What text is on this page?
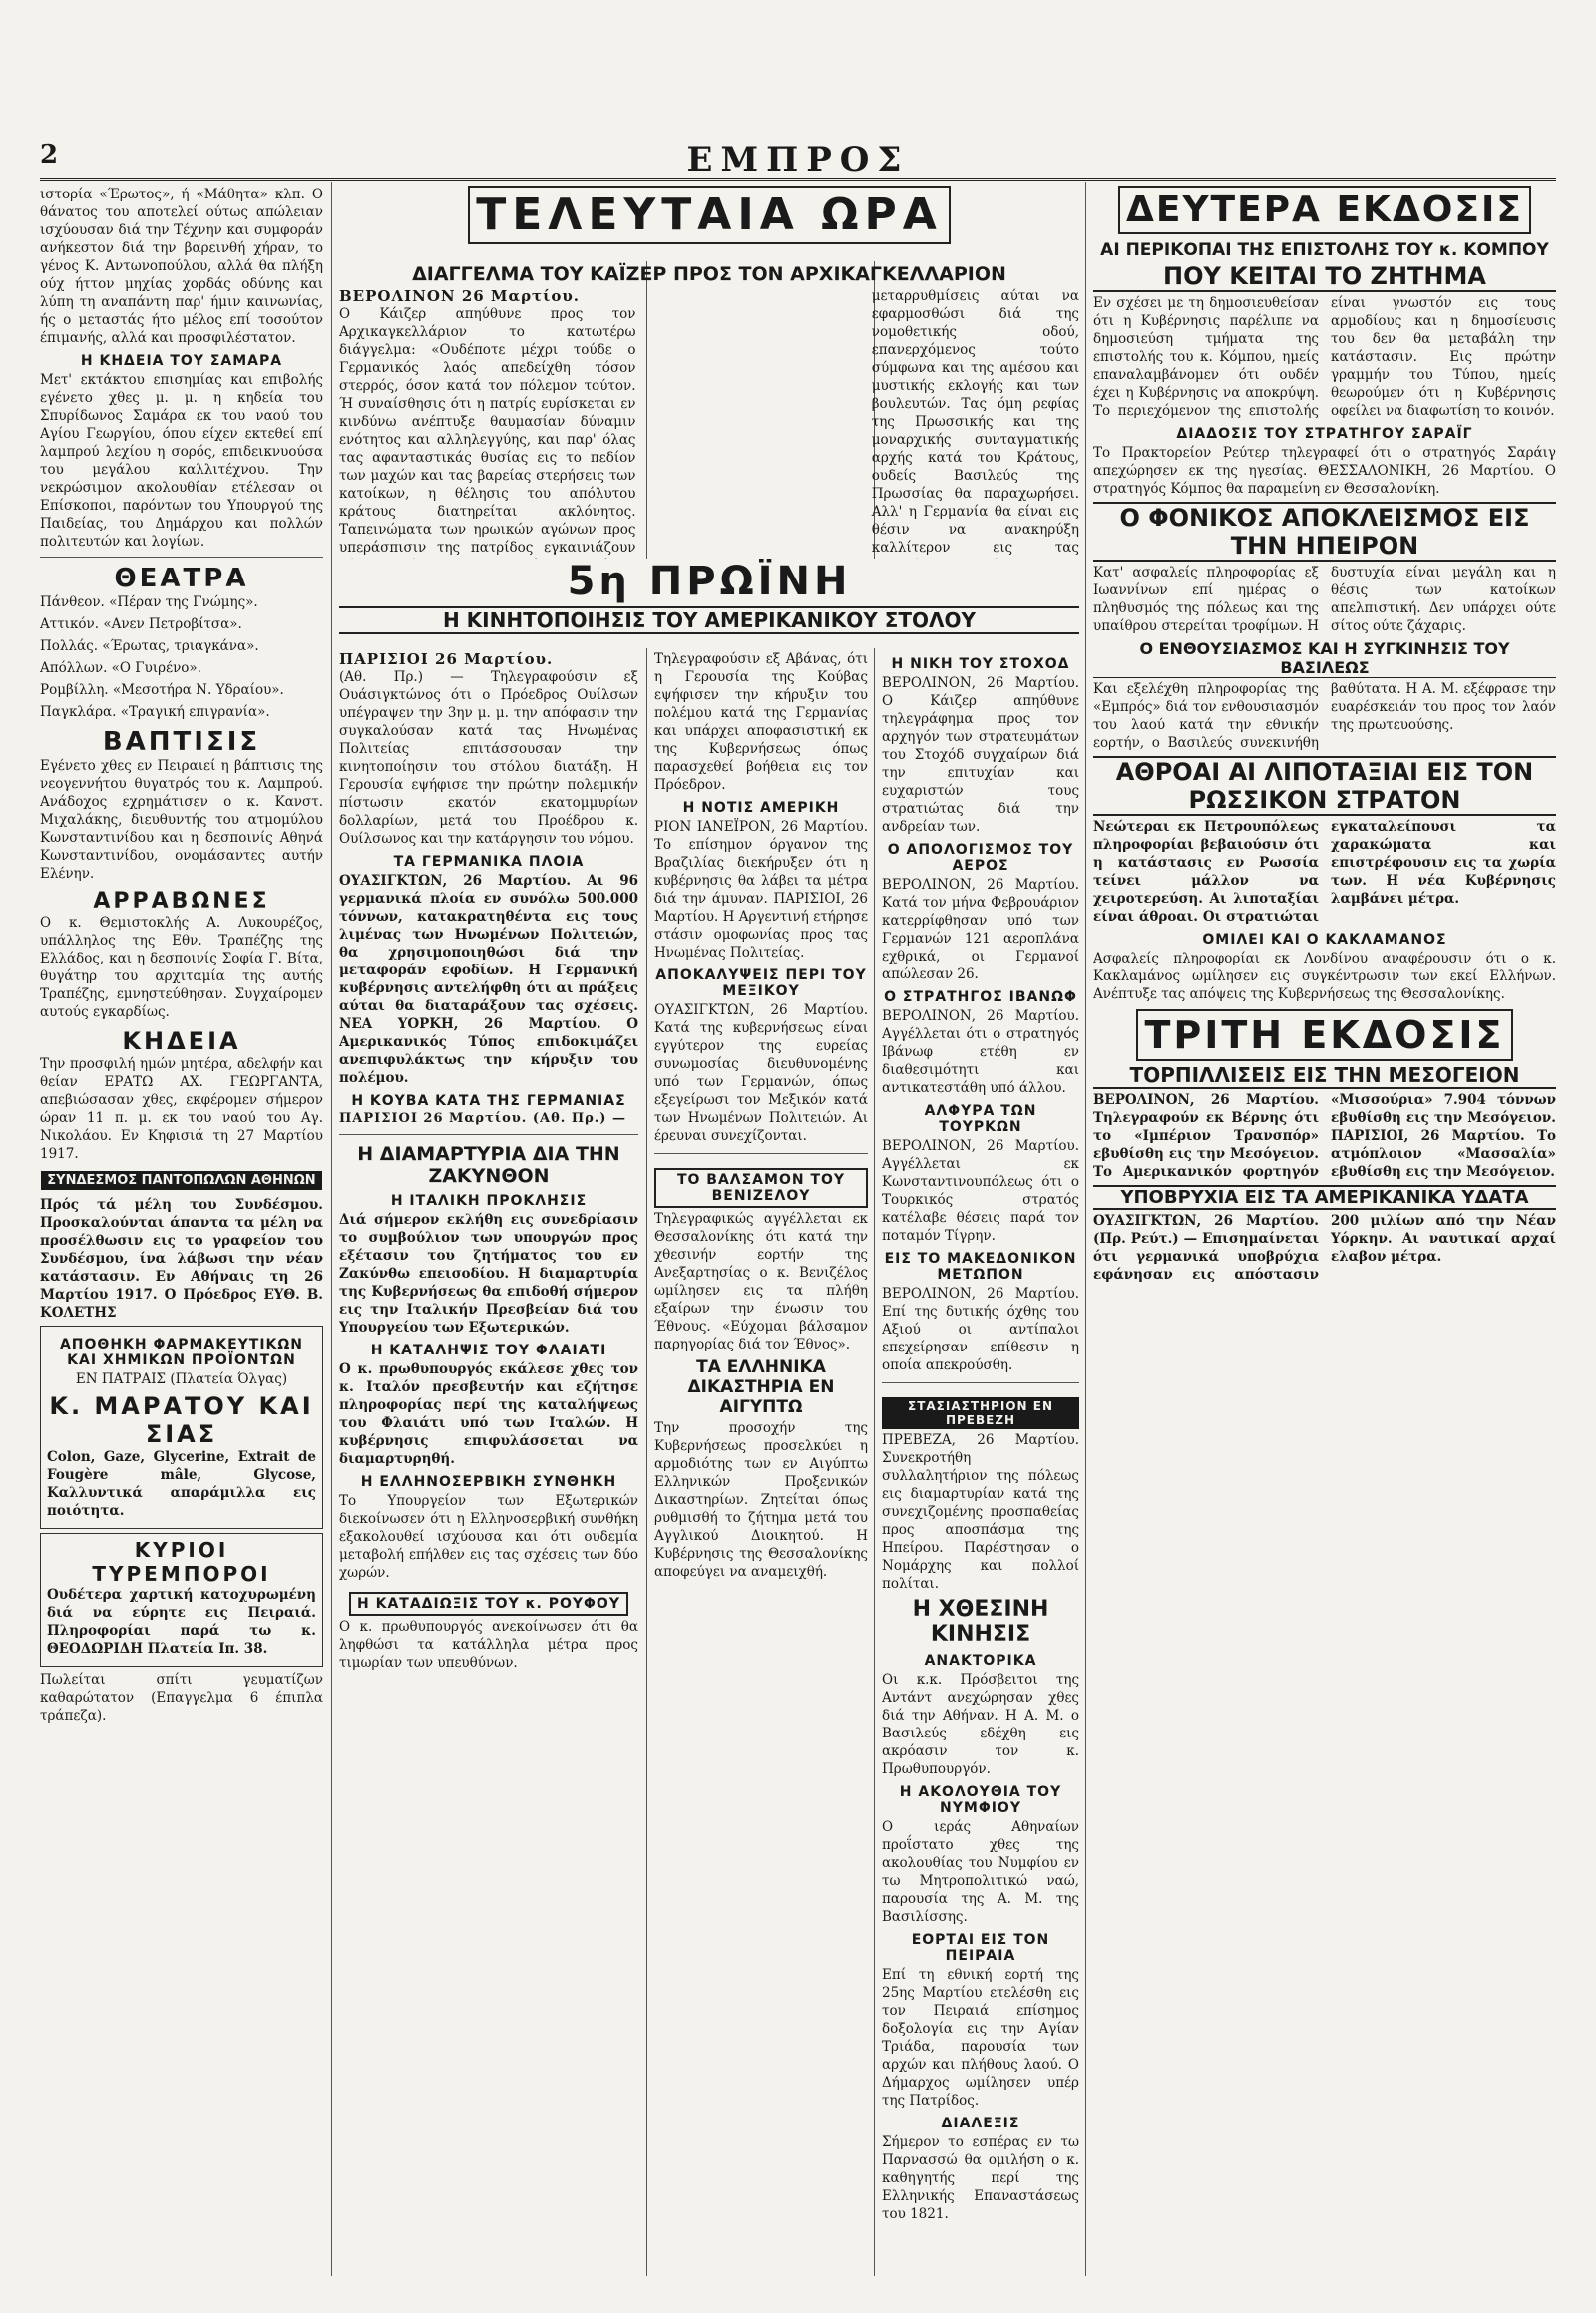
2	ΕΜΠΡΟΣ

ιστορία «Έρωτος», ή «Μάθητα» κλπ. Ο θάνατος του αποτελεί ούτως απώλειαν ισχύουσαν διά την Τέχνην και συμφοράν ανήκεστον διά την βαρεινθή χήραν, το γένος Κ. Αντωνοπούλου, αλλά θα πλήξη ούχ ήττον μηχίας χορδάς οδύνης και λύπη τη αναπάντη παρ' ήμιν καινωνίας, ής ο μεταστάς ήτο μέλος επί τοσούτον έπιμανής, αλλά και προσφιλέστατον.

Η ΚΗΔΕΙΑ ΤΟΥ ΣΑΜΑΡΑ

Μετ' εκτάκτου επισημίας και επιβολής εγένετο χθες μ. μ. η κηδεία του Σπυρίδωνος Σαμάρα εκ του ναού του Αγίου Γεωργίου, όπου είχεν εκτεθεί επί λαμπρού λεχίου η σορός, επιδεικνυούσα του μεγάλου καλλιτέχνου. Την νεκρώσιμον ακολουθίαν ετέλεσαν οι Επίσκοποι, παρόντων του Υπουργού της Παιδείας, του Δημάρχου και πολλών πολιτευτών και λογίων.

ΘΕΑΤΡΑ
Πάνθεον. «Πέραν της Γνώμης».
Αττικόν. «Ανεν Πετροβίτσα».
Πολλάς. «Έρωτας, τριαγκάνα».
Απόλλων. «Ο Γυιρένο».
Ρομβίλλη. «Μεσοτήρα Ν. Υδραίου».
Παγκλάρα. «Τραγική επιγρανία».
ΒΑΠΤΙΣΙΣ

Εγένετο χθες εν Πειραιεί η βάπτισις της νεογεννήτου θυγατρός του κ. Λαμπρού. Ανάδοχος εχρημάτισεν ο κ. Κανστ. Μιχαλάκης, διευθυντής του ατμομύλου Κωνσταντινίδου και η δεσποινίς Αθηνά Κωνσταντινίδου, ονομάσαντες αυτήν Ελένην.

ΑΡΡΑΒΩΝΕΣ

Ο κ. Θεμιστοκλής Α. Λυκουρέζος, υπάλληλος της Εθν. Τραπέζης της Ελλάδος, και η δεσποινίς Σοφία Γ. Βίτα, θυγάτηρ του αρχιταμία της αυτής Τραπέζης, εμνηστεύθησαν. Συγχαίρομεν αυτούς εγκαρδίως.

ΚΗΔΕΙΑ

Την προσφιλή ημών μητέρα, αδελφήν και θείαν ΕΡΑΤΩ ΑΧ. ΓΕΩΡΓΑΝΤΑ, απεβιώσασαν χθες, εκφέρομεν σήμερον ώραν 11 π. μ. εκ του ναού του Αγ. Νικολάου. Εν Κηφισιά τη 27 Μαρτίου 1917.

ΣΥΝΔΕΣΜΟΣ ΠΑΝΤΟΠΩΛΩΝ ΑΘΗΝΩΝ

Πρός τά μέλη του Συνδέσμου. Προσκαλούνται άπαντα τα μέλη να προσέλθωσιν εις το γραφείον του Συνδέσμου, ίνα λάβωσι την νέαν κατάστασιν. Εν Αθήναις τη 26 Μαρτίου 1917. Ο Πρόεδρος ΕΥΘ. Β. ΚΟΛΕΤΗΣ

ΑΠΟΘΗΚΗ ΦΑΡΜΑΚΕΥΤΙΚΩΝ ΚΑΙ ΧΗΜΙΚΩΝ ΠΡΟΪΟΝΤΩΝ
ΕΝ ΠΑΤΡΑΙΣ (Πλατεία Όλγας)
Κ. ΜΑΡΑΤΟΥ ΚΑΙ ΣΙΑΣ

Colon, Gaze, Glycerine, Extrait de Fougère mâle, Glycose, Καλλυντικά απαράμιλλα εις ποιότητα.

ΚΥΡΙΟΙ ΤΥΡΕΜΠΟΡΟΙ

Ουδέτερα χαρτική κατοχυρωμένη διά να εύρητε εις Πειραιά. Πληροφορίαι παρά τω κ. ΘΕΟΔΩΡΙΔΗ Πλατεία Ιπ. 38.

Πωλείται σπίτι γευματίζων καθαρώτατον (Επαγγελμα 6 έπιπλα τράπεζα).

ΤΕΛΕΥΤΑΙΑ ΩΡΑ
ΔΙΑΓΓΕΛΜΑ ΤΟΥ ΚΑΪΖΕΡ ΠΡΟΣ ΤΟΝ ΑΡΧΙΚΑΓΚΕΛΛΑΡΙΟΝ
ΒΕΡΟΛΙΝΟΝ 26 Μαρτίου.

Ο Κάιζερ απηύθυνε προς τον Αρχικαγκελλάριον το κατωτέρω διάγγελμα: «Ουδέποτε μέχρι τούδε ο Γερμανικός λαός απεδείχθη τόσον στερρός, όσον κατά τον πόλεμον τούτον. Ή συναίσθησις ότι η πατρίς ευρίσκεται εν κινδύνω ανέπτυξε θαυμασίαν δύναμιν ενότητος και αλληλεγγύης, και παρ' όλας τας αφανταστικάς θυσίας εις το πεδίον των μαχών και τας βαρείας στερήσεις των κατοίκων, η θέλησις του απόλυτου κράτους διατηρείται ακλόνητος. Ταπεινώματα των ηρωικών αγώνων προς υπεράσπισιν της πατρίδος εγκαινιάζουν

μεταρρυθμίσεις αύται να εφαρμοσθώσι διά της νομοθετικής οδού, επανερχόμενος τούτο σύμφωνα και της αμέσου και μυστικής εκλογής και των βουλευτών. Τας όμη ρεφίας της Πρωσσικής και της μοναρχικής συνταγματικής αρχής κατά του Κράτους, ουδείς Βασιλεύς της Πρωσσίας θα παραχωρήσει. Αλλ' η Γερμανία θα είναι εις θέσιν να ανακηρύξη καλλίτερον εις τας

5η ΠΡΩΪΝΗ
Η ΚΙΝΗΤΟΠΟΙΗΣΙΣ ΤΟΥ ΑΜΕΡΙΚΑΝΙΚΟΥ ΣΤΟΛΟΥ
ΠΑΡΙΣΙΟΙ 26 Μαρτίου.

(Αθ. Πρ.) — Τηλεγραφούσιν εξ Ουάσιγκτώνος ότι ο Πρόεδρος Ουίλσων υπέγραψεν την 3ην μ. μ. την απόφασιν την συγκαλούσαν κατά τας Ηνωμένας Πολιτείας επιτάσσουσαν την κινητοποίησιν του στόλου διατάξη. Η Γερουσία εψήφισε την πρώτην πολεμικήν πίστωσιν εκατόν εκατομμυρίων δολλαρίων, μετά του Προέδρου κ. Ουίλσωνος και την κατάργησιν του νόμου.

ΤΑ ΓΕΡΜΑΝΙΚΑ ΠΛΟΙΑ

ΟΥΑΣΙΓΚΤΩΝ, 26 Μαρτίου. Αι 96 γερμανικά πλοία εν συνόλω 500.000 τόννων, κατακρατηθέντα εις τους λιμένας των Ηνωμένων Πολιτειών, θα χρησιμοποιηθώσι διά την μεταφοράν εφοδίων. Η Γερμανική κυβέρνησις αντελήφθη ότι αι πράξεις αύται θα διαταράξουν τας σχέσεις. ΝΕΑ ΥΟΡΚΗ, 26 Μαρτίου. Ο Αμερικανικός Τύπος επιδοκιμάζει ανεπιφυλάκτως την κήρυξιν του πολέμου.

Η ΚΟΥΒΑ ΚΑΤΑ ΤΗΣ ΓΕΡΜΑΝΙΑΣ
ΠΑΡΙΣΙΟΙ 26 Μαρτίου. (Αθ. Πρ.) —
Η ΔΙΑΜΑΡΤΥΡΙΑ ΔΙΑ ΤΗΝ ΖΑΚΥΝΘΟΝ
Η ΙΤΑΛΙΚΗ ΠΡΟΚΛΗΣΙΣ

Διά σήμερον εκλήθη εις συνεδρίασιν το συμβούλιον των υπουργών προς εξέτασιν του ζητήματος του εν Ζακύνθω επεισοδίου. Η διαμαρτυρία της Κυβερνήσεως θα επιδοθή σήμερον εις την Ιταλικήν Πρεσβείαν διά του Υπουργείου των Εξωτερικών.

Η ΚΑΤΑΛΗΨΙΣ ΤΟΥ ΦΛΑΙΑΤΙ

Ο κ. πρωθυπουργός εκάλεσε χθες τον κ. Ιταλόν πρεσβευτήν και εζήτησε πληροφορίας περί της καταλήψεως του Φλαιάτι υπό των Ιταλών. Η κυβέρνησις επιφυλάσσεται να διαμαρτυρηθή.

Η ΕΛΛΗΝΟΣΕΡΒΙΚΗ ΣΥΝΘΗΚΗ

Το Υπουργείον των Εξωτερικών διεκοίνωσεν ότι η Ελληνοσερβική συνθήκη εξακολουθεί ισχύουσα και ότι ουδεμία μεταβολή επήλθεν εις τας σχέσεις των δύο χωρών.

Η ΚΑΤΑΔΙΩΞΙΣ ΤΟΥ κ. ΡΟΥΦΟΥ

Ο κ. πρωθυπουργός ανεκοίνωσεν ότι θα ληφθώσι τα κατάλληλα μέτρα προς τιμωρίαν των υπευθύνων.

Τηλεγραφούσιν εξ Αβάνας, ότι η Γερουσία της Κούβας εψήφισεν την κήρυξιν του πολέμου κατά της Γερμανίας και υπάρχει αποφασιστική εκ της Κυβερνήσεως όπως παρασχεθεί βοήθεια εις τον Πρόεδρον.

Η ΝΟΤΙΣ ΑΜΕΡΙΚΗ

ΡΙΟΝ ΙΑΝΕΪΡΟΝ, 26 Μαρτίου. Το επίσημον όργανον της Βραζιλίας διεκήρυξεν ότι η κυβέρνησις θα λάβει τα μέτρα διά την άμυναν. ΠΑΡΙΣΙΟΙ, 26 Μαρτίου. Η Αργεντινή ετήρησε στάσιν ομοφωνίας προς τας Ηνωμένας Πολιτείας.

ΑΠΟΚΑΛΥΨΕΙΣ ΠΕΡΙ ΤΟΥ ΜΕΞΙΚΟΥ

ΟΥΑΣΙΓΚΤΩΝ, 26 Μαρτίου. Κατά της κυβερνήσεως είναι εγγύτερον της ευρείας συνωμοσίας διευθυνομένης υπό των Γερμανών, όπως εξεγείρωσι τον Μεξικόν κατά των Ηνωμένων Πολιτειών. Αι έρευναι συνεχίζονται.

ΤΟ ΒΑΛΣΑΜΟΝ ΤΟΥ ΒΕΝΙΖΕΛΟΥ

Τηλεγραφικώς αγγέλλεται εκ Θεσσαλονίκης ότι κατά την χθεσινήν εορτήν της Ανεξαρτησίας ο κ. Βενιζέλος ωμίλησεν εις τα πλήθη εξαίρων την ένωσιν του Έθνους. «Εύχομαι βάλσαμον παρηγορίας διά τον Έθνος».

ΤΑ ΕΛΛΗΝΙΚΑ ΔΙΚΑΣΤΗΡΙΑ ΕΝ ΑΙΓΥΠΤΩ

Την προσοχήν της Κυβερνήσεως προσελκύει η αρμοδιότης των εν Αιγύπτω Ελληνικών Προξενικών Δικαστηρίων. Ζητείται όπως ρυθμισθή το ζήτημα μετά του Αγγλικού Διοικητού. Η Κυβέρνησις της Θεσσαλονίκης αποφεύγει να αναμειχθή.

Η ΝΙΚΗ ΤΟΥ ΣΤΟΧΟΔ

ΒΕΡΟΛΙΝΟΝ, 26 Μαρτίου. Ο Κάιζερ απηύθυνε τηλεγράφημα προς τον αρχηγόν των στρατευμάτων του Στοχόδ συγχαίρων διά την επιτυχίαν και ευχαριστών τους στρατιώτας διά την ανδρείαν των.

Ο ΑΠΟΛΟΓΙΣΜΟΣ ΤΟΥ ΑΕΡΟΣ

ΒΕΡΟΛΙΝΟΝ, 26 Μαρτίου. Κατά τον μήνα Φεβρουάριον κατερρίφθησαν υπό των Γερμανών 121 αεροπλάνα εχθρικά, οι Γερμανοί απώλεσαν 26.

Ο ΣΤΡΑΤΗΓΟΣ ΙΒΑΝΩΦ

ΒΕΡΟΛΙΝΟΝ, 26 Μαρτίου. Αγγέλλεται ότι ο στρατηγός Ιβάνωφ ετέθη εν διαθεσιμότητι και αντικατεστάθη υπό άλλου.

ΑΛΦΥΡΑ ΤΩΝ ΤΟΥΡΚΩΝ

ΒΕΡΟΛΙΝΟΝ, 26 Μαρτίου. Αγγέλλεται εκ Κωνσταντινουπόλεως ότι ο Τουρκικός στρατός κατέλαβε θέσεις παρά τον ποταμόν Τίγρην.

ΕΙΣ ΤΟ ΜΑΚΕΔΟΝΙΚΟΝ ΜΕΤΩΠΟΝ

ΒΕΡΟΛΙΝΟΝ, 26 Μαρτίου. Επί της δυτικής όχθης του Αξιού οι αντίπαλοι επεχείρησαν επίθεσιν η οποία απεκρούσθη.

ΣΤΑΣΙΑΣΤΗΡΙΟΝ ΕΝ ΠΡΕΒΕΖΗ

ΠΡΕΒΕΖΑ, 26 Μαρτίου. Συνεκροτήθη συλλαλητήριον της πόλεως εις διαμαρτυρίαν κατά της συνεχιζομένης προσπαθείας προς αποσπάσμα της Ηπείρου. Παρέστησαν ο Νομάρχης και πολλοί πολίται.

Η ΧΘΕΣΙΝΗ ΚΙΝΗΣΙΣ
ΑΝΑΚΤΟΡΙΚΑ

Οι κ.κ. Πρόσβειτοι της Αντάντ ανεχώρησαν χθες διά την Αθήναν. Η Α. Μ. ο Βασιλεύς εδέχθη εις ακρόασιν τον κ. Πρωθυπουργόν.

Η ΑΚΟΛΟΥΘΙΑ ΤΟΥ ΝΥΜΦΙΟΥ

Ο ιεράς Αθηναίων προΐστατο χθες της ακολουθίας του Νυμφίου εν τω Μητροπολιτικώ ναώ, παρουσία της Α. Μ. της Βασιλίσσης.

ΕΟΡΤΑΙ ΕΙΣ ΤΟΝ ΠΕΙΡΑΙΑ

Επί τη εθνική εορτή της 25ης Μαρτίου ετελέσθη εις τον Πειραιά επίσημος δοξολογία εις την Αγίαν Τριάδα, παρουσία των αρχών και πλήθους λαού. Ο Δήμαρχος ωμίλησεν υπέρ της Πατρίδος.

ΔΙΑΛΕΞΙΣ

Σήμερον το εσπέρας εν τω Παρνασσώ θα ομιλήση ο κ. καθηγητής περί της Ελληνικής Επαναστάσεως του 1821.

ΔΕΥΤΕΡΑ ΕΚΔΟΣΙΣ
ΑΙ ΠΕΡΙΚΟΠΑΙ ΤΗΣ ΕΠΙΣΤΟΛΗΣ ΤΟΥ κ. ΚΟΜΠΟΥ
ΠΟΥ ΚΕΙΤΑΙ ΤΟ ΖΗΤΗΜΑ

Εν σχέσει με τη δημοσιευθείσαν ότι η Κυβέρνησις παρέλιπε να δημοσιεύση τμήματα της επιστολής του κ. Κόμπου, ημείς επαναλαμβάνομεν ότι ουδέν έχει η Κυβέρνησις να αποκρύψη. Το περιεχόμενον της επιστολής είναι γνωστόν εις τους αρμοδίους και η δημοσίευσις του δεν θα μεταβάλη την κατάστασιν. Εις πρώτην γραμμήν του Τύπου, ημείς θεωρούμεν ότι η Κυβέρνησις οφείλει να διαφωτίση το κοινόν.

ΔΙΑΔΟΣΙΣ ΤΟΥ ΣΤΡΑΤΗΓΟΥ ΣΑΡΑΪΓ

Το Πρακτορείον Ρεύτερ τηλεγραφεί ότι ο στρατηγός Σαράιγ απεχώρησεν εκ της ηγεσίας. ΘΕΣΣΑΛΟΝΙΚΗ, 26 Μαρτίου. Ο στρατηγός Κόμπος θα παραμείνη εν Θεσσαλονίκη.

Ο ΦΟΝΙΚΟΣ ΑΠΟΚΛΕΙΣΜΟΣ ΕΙΣ ΤΗΝ ΗΠΕΙΡΟΝ

Κατ' ασφαλείς πληροφορίας εξ Ιωαννίνων επί ημέρας ο πληθυσμός της πόλεως και της υπαίθρου στερείται τροφίμων. Η δυστυχία είναι μεγάλη και η θέσις των κατοίκων απελπιστική. Δεν υπάρχει ούτε σίτος ούτε ζάχαρις.

Ο ΕΝΘΟΥΣΙΑΣΜΟΣ ΚΑΙ Η ΣΥΓΚΙΝΗΣΙΣ ΤΟΥ ΒΑΣΙΛΕΩΣ

Και εξελέχθη πληροφορίας της «Εμπρός» διά τον ενθουσιασμόν του λαού κατά την εθνικήν εορτήν, ο Βασιλεύς συνεκινήθη βαθύτατα. Η Α. Μ. εξέφρασε την ευαρέσκειάν του προς τον λαόν της πρωτευούσης.

ΑΘΡΟΑΙ ΑΙ ΛΙΠΟΤΑΞΙΑΙ ΕΙΣ ΤΟΝ ΡΩΣΣΙΚΟΝ ΣΤΡΑΤΟΝ

Νεώτεραι εκ Πετρουπόλεως πληροφορίαι βεβαιούσιν ότι η κατάστασις εν Ρωσσία τείνει μάλλον να χειροτερεύση. Αι λιποταξίαι είναι άθροαι. Οι στρατιώται εγκαταλείπουσι τα χαρακώματα και επιστρέφουσιν εις τα χωρία των. Η νέα Κυβέρνησις λαμβάνει μέτρα.

ΟΜΙΛΕΙ ΚΑΙ Ο ΚΑΚΛΑΜΑΝΟΣ

Ασφαλείς πληροφορίαι εκ Λονδίνου αναφέρουσιν ότι ο κ. Κακλαμάνος ωμίλησεν εις συγκέντρωσιν των εκεί Ελλήνων. Ανέπτυξε τας απόψεις της Κυβερνήσεως της Θεσσαλονίκης.

ΤΡΙΤΗ ΕΚΔΟΣΙΣ
ΤΟΡΠΙΛΛΙΣΕΙΣ ΕΙΣ ΤΗΝ ΜΕΣΟΓΕΙΟΝ

ΒΕΡΟΛΙΝΟΝ, 26 Μαρτίου. Τηλεγραφούν εκ Βέρνης ότι το «Ιμπέριον Τρανσπόρ» εβυθίσθη εις την Μεσόγειον. Το Αμερικανικόν φορτηγόν «Μισσούρια» 7.904 τόννων εβυθίσθη εις την Μεσόγειον. ΠΑΡΙΣΙΟΙ, 26 Μαρτίου. Το ατμόπλοιον «Μασσαλία» εβυθίσθη εις την Μεσόγειον.

ΥΠΟΒΡΥΧΙΑ ΕΙΣ ΤΑ ΑΜΕΡΙΚΑΝΙΚΑ ΥΔΑΤΑ

ΟΥΑΣΙΓΚΤΩΝ, 26 Μαρτίου. (Πρ. Ρεύτ.) — Επισημαίνεται ότι γερμανικά υποβρύχια εφάνησαν εις απόστασιν 200 μιλίων από την Νέαν Υόρκην. Αι ναυτικαί αρχαί ελαβον μέτρα.
